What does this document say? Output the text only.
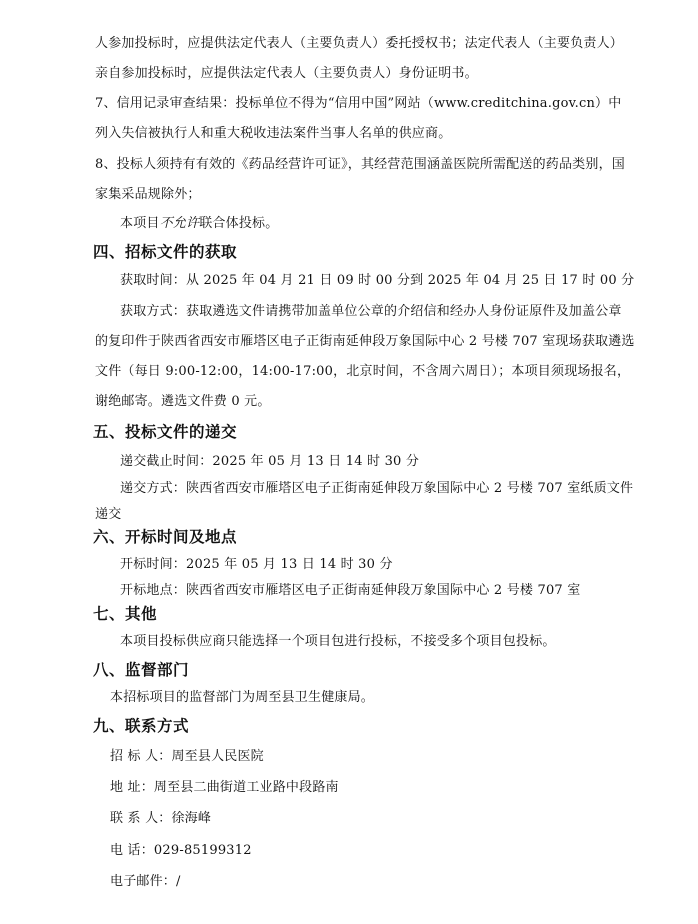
人参加投标时，应提供法定代表人（主要负责人）委托授权书；法定代表人（主要负责人）
亲自参加投标时，应提供法定代表人（主要负责人）身份证明书。
7、信用记录审查结果：投标单位不得为“信用中国”网站（www.creditchina.gov.cn）中
列入失信被执行人和重大税收违法案件当事人名单的供应商。
8、投标人须持有有效的《药品经营许可证》，其经营范围涵盖医院所需配送的药品类别，国
家集采品规除外；
本项目不允许联合体投标。
四、招标文件的获取
获取时间：从 2025 年 04 月 21 日 09 时 00 分到 2025 年 04 月 25 日 17 时 00 分
获取方式：获取遴选文件请携带加盖单位公章的介绍信和经办人身份证原件及加盖公章
的复印件于陕西省西安市雁塔区电子正街南延伸段万象国际中心 2 号楼 707 室现场获取遴选
文件（每日 9:00-12:00，14:00-17:00，北京时间，不含周六周日）；本项目须现场报名，
谢绝邮寄。遴选文件费 0 元。
五、投标文件的递交
递交截止时间：2025 年 05 月 13 日 14 时 30 分
递交方式：陕西省西安市雁塔区电子正街南延伸段万象国际中心 2 号楼 707 室纸质文件
递交
六、开标时间及地点
开标时间：2025 年 05 月 13 日 14 时 30 分
开标地点：陕西省西安市雁塔区电子正街南延伸段万象国际中心 2 号楼 707 室
七、其他
本项目投标供应商只能选择一个项目包进行投标，不接受多个项目包投标。
八、监督部门
本招标项目的监督部门为周至县卫生健康局。
九、联系方式
招 标 人：周至县人民医院
地 址：周至县二曲街道工业路中段路南
联 系 人：徐海峰
电 话：029-85199312
电子邮件：/
